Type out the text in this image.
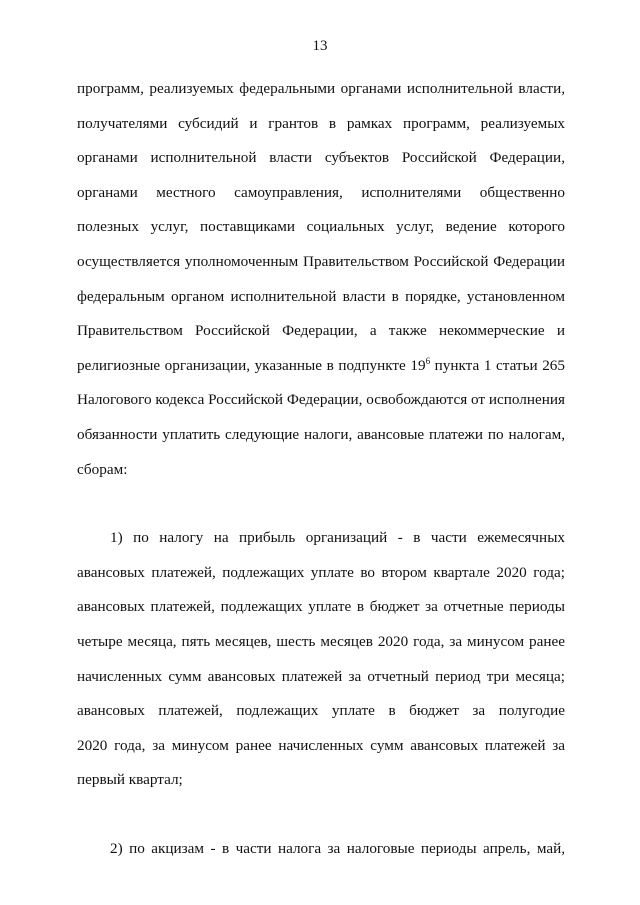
13
программ, реализуемых федеральными органами исполнительной власти,
получателями субсидий и грантов в рамках программ, реализуемых
органами исполнительной власти субъектов Российской Федерации,
органами местного самоуправления, исполнителями общественно
полезных услуг, поставщиками социальных услуг, ведение которого
осуществляется уполномоченным Правительством Российской Федерации
федеральным органом исполнительной власти в порядке, установленном
Правительством Российской Федерации, а также некоммерческие и
религиозные организации, указанные в подпункте $19^6$ пункта 1 статьи 265
Налогового кодекса Российской Федерации, освобождаются от исполнения
обязанности уплатить следующие налоги, авансовые платежи по налогам,
сборам:
1) по налогу на прибыль организаций - в части ежемесячных
авансовых платежей, подлежащих уплате во втором квартале 2020 года;
авансовых платежей, подлежащих уплате в бюджет за отчетные периоды
четыре месяца, пять месяцев, шесть месяцев 2020 года, за минусом ранее
начисленных сумм авансовых платежей за отчетный период три месяца;
авансовых платежей, подлежащих уплате в бюджет за полугодие
2020 года, за минусом ранее начисленных сумм авансовых платежей за
первый квартал;
2) по акцизам - в части налога за налоговые периоды апрель, май,
